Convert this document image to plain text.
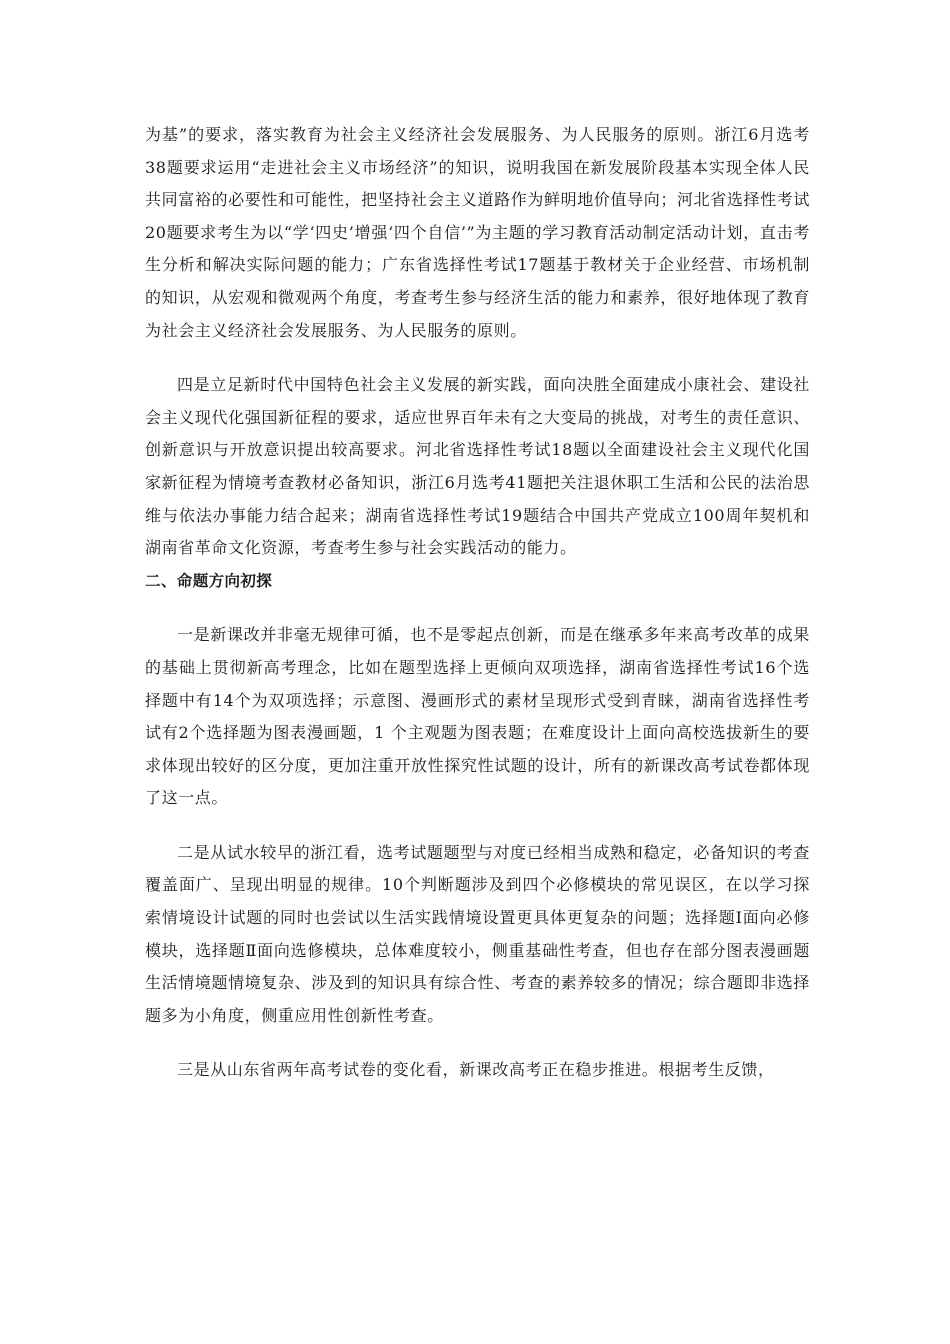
为基”的要求，落实教育为社会主义经济社会发展服务、为人民服务的原则。浙江6月选考38题要求运用“走进社会主义市场经济”的知识，说明我国在新发展阶段基本实现全体人民共同富裕的必要性和可能性，把坚持社会主义道路作为鲜明地价值导向；河北省选择性考试20题要求考生为以“学‘四史’增强‘四个自信’”为主题的学习教育活动制定活动计划，直击考生分析和解决实际问题的能力；广东省选择性考试17题基于教材关于企业经营、市场机制的知识，从宏观和微观两个角度，考查考生参与经济生活的能力和素养，很好地体现了教育为社会主义经济社会发展服务、为人民服务的原则。

四是立足新时代中国特色社会主义发展的新实践，面向决胜全面建成小康社会、建设社会主义现代化强国新征程的要求，适应世界百年未有之大变局的挑战，对考生的责任意识、创新意识与开放意识提出较高要求。河北省选择性考试18题以全面建设社会主义现代化国家新征程为情境考查教材必备知识，浙江6月选考41题把关注退休职工生活和公民的法治思维与依法办事能力结合起来；湖南省选择性考试19题结合中国共产党成立100周年契机和湖南省革命文化资源，考查考生参与社会实践活动的能力。

二、命题方向初探

一是新课改并非毫无规律可循，也不是零起点创新，而是在继承多年来高考改革的成果的基础上贯彻新高考理念，比如在题型选择上更倾向双项选择，湖南省选择性考试16个选择题中有14个为双项选择；示意图、漫画形式的素材呈现形式受到青睐，湖南省选择性考试有2个选择题为图表漫画题，1 个主观题为图表题；在难度设计上面向高校选拔新生的要求体现出较好的区分度，更加注重开放性探究性试题的设计，所有的新课改高考试卷都体现了这一点。

二是从试水较早的浙江看，选考试题题型与对度已经相当成熟和稳定，必备知识的考查覆盖面广、呈现出明显的规律。10个判断题涉及到四个必修模块的常见误区，在以学习探索情境设计试题的同时也尝试以生活实践情境设置更具体更复杂的问题；选择题Ⅰ面向必修模块，选择题Ⅱ面向选修模块，总体难度较小，侧重基础性考查，但也存在部分图表漫画题生活情境题情境复杂、涉及到的知识具有综合性、考查的素养较多的情况；综合题即非选择题多为小角度，侧重应用性创新性考查。

三是从山东省两年高考试卷的变化看，新课改高考正在稳步推进。根据考生反馈，
